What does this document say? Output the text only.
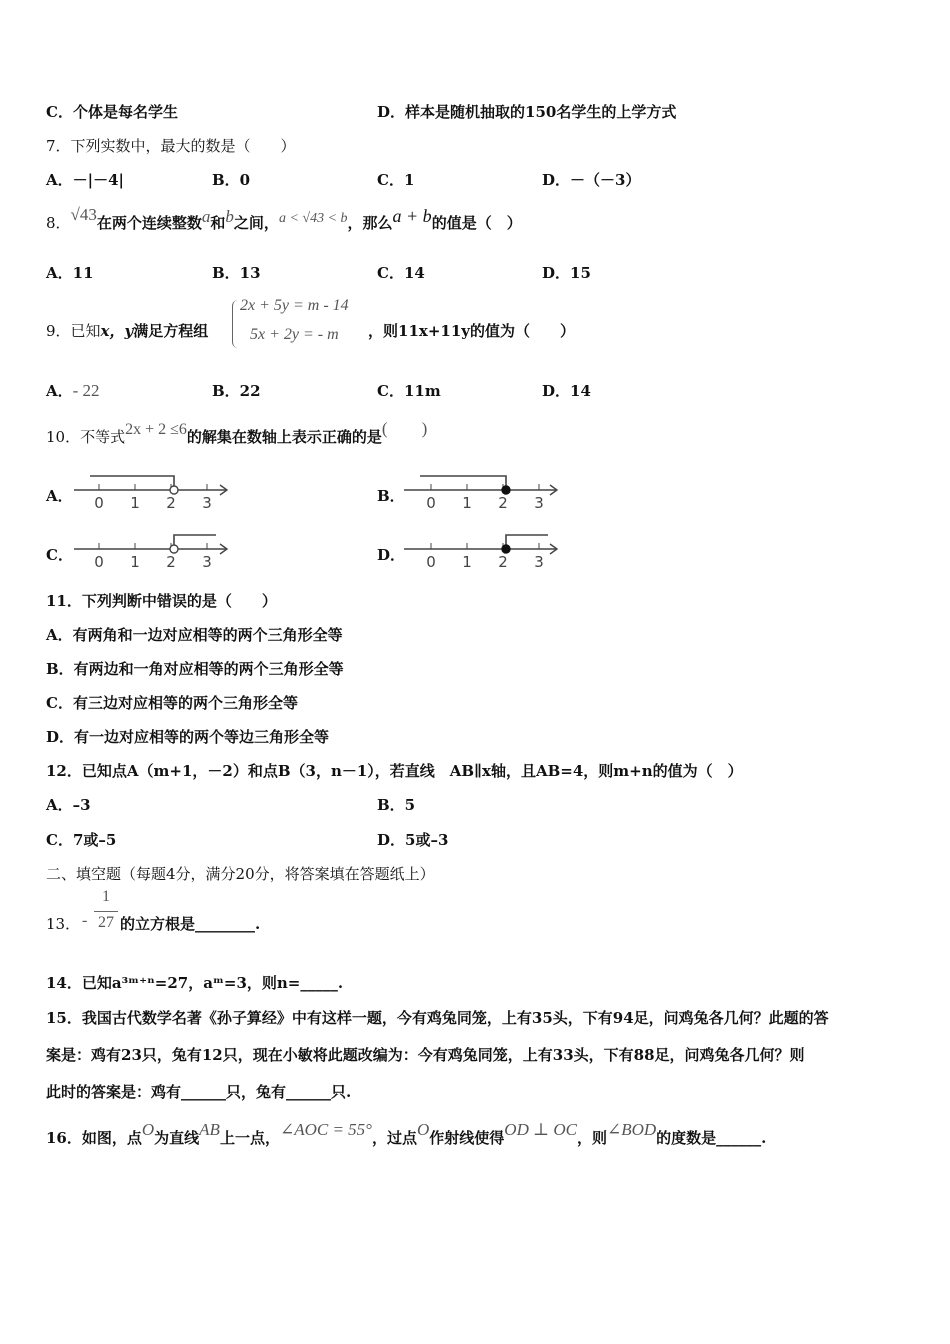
C．个体是每名学生	D．样本是随机抽取的150名学生的上学方式
7．下列实数中，最大的数是（　　）
A．－|－4|	B．0	C．1	D．－（－3）
8．√43在两个连续整数a和b之间，a < √43 < b，那么a + b的值是（　）
A．11	B．13	C．14	D．15
9．已知x，y满足方程组
2x + 5y = m - 14
5x + 2y = - m ，则11x+11y的值为（　　）
A．- 22	B．22	C．11m	D．14
10．不等式2x + 2 ≤6的解集在数轴上表示正确的是(　　)
A．	B．
C．	D．
0 1 2 3	0 1 2 3
0 1 2 3	0 1 2 3
11．下列判断中错误的是（　　）
A．有两角和一边对应相等的两个三角形全等
B．有两边和一角对应相等的两个三角形全等
C．有三边对应相等的两个三角形全等
D．有一边对应相等的两个等边三角形全等
12．已知点A（m+1，－2）和点B（3，n－1），若直线　AB∥x轴，且AB=4，则m+n的值为（　）
A．–3	B．5
C．7或–5	D．5或–3
二、填空题（每题4分，满分20分，将答案填在答题纸上）
13． -
1
27 的立方根是________.
14．已知a³ᵐ⁺ⁿ=27，aᵐ=3，则n=_____.
15．我国古代数学名著《孙子算经》中有这样一题，今有鸡兔同笼，上有35头，下有94足，问鸡兔各几何？此题的答
案是：鸡有23只，兔有12只，现在小敏将此题改编为：今有鸡兔同笼，上有33头，下有88足，问鸡兔各几何？则
此时的答案是：鸡有______只，兔有______只.
16．如图，点O为直线AB上一点，∠AOC = 55°，过点O作射线使得OD ⊥ OC，则∠BOD的度数是______.
